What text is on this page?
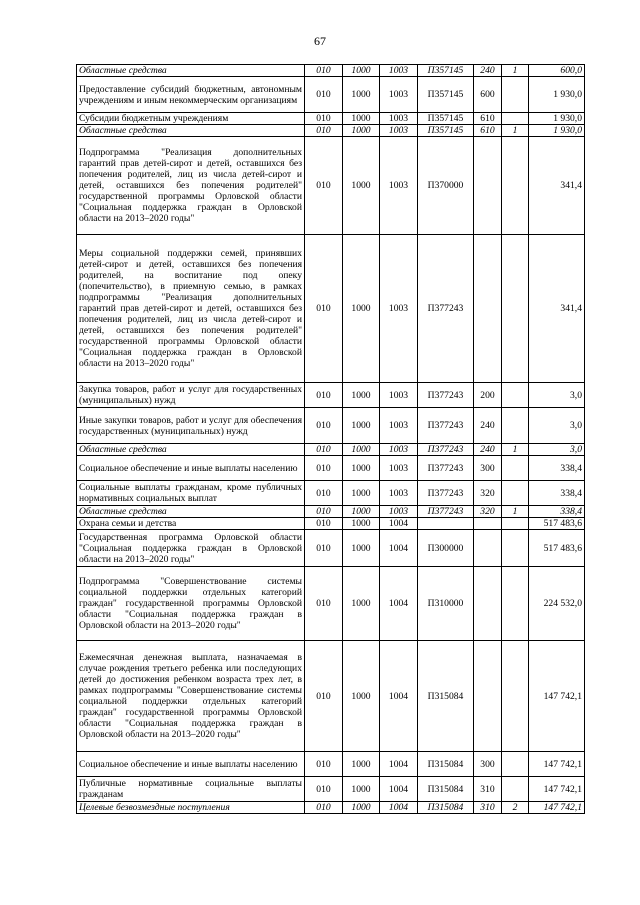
67
Областные средства	010	1000	1003	П357145	240	1	600,0
Предоставление субсидий бюджетным, автономным учреждениям и иным некоммерческим организациям	010	1000	1003	П357145	600		1 930,0
Субсидии бюджетным учреждениям	010	1000	1003	П357145	610		1 930,0
Областные средства	010	1000	1003	П357145	610	1	1 930,0
Подпрограмма "Реализация дополнительных гарантий прав детей-сирот и детей, оставшихся без попечения родителей, лиц из числа детей-сирот и детей, оставшихся без попечения родителей" государственной программы Орловской области "Социальная поддержка граждан в Орловской области на 2013–2020 годы"	010	1000	1003	П370000			341,4
Меры социальной поддержки семей, принявших детей-сирот и детей, оставшихся без попечения родителей, на воспитание под опеку (попечительство), в приемную семью, в рамках подпрограммы "Реализация дополнительных гарантий прав детей-сирот и детей, оставшихся без попечения родителей, лиц из числа детей-сирот и детей, оставшихся без попечения родителей" государственной программы Орловской области "Социальная поддержка граждан в Орловской области на 2013–2020 годы"	010	1000	1003	П377243			341,4
Закупка товаров, работ и услуг для государственных (муниципальных) нужд	010	1000	1003	П377243	200		3,0
Иные закупки товаров, работ и услуг для обеспечения государственных (муниципальных) нужд	010	1000	1003	П377243	240		3,0
Областные средства	010	1000	1003	П377243	240	1	3,0
Социальное обеспечение и иные выплаты населению	010	1000	1003	П377243	300		338,4
Социальные выплаты гражданам, кроме публичных нормативных социальных выплат	010	1000	1003	П377243	320		338,4
Областные средства	010	1000	1003	П377243	320	1	338,4
Охрана семьи и детства	010	1000	1004				517 483,6
Государственная программа Орловской области "Социальная поддержка граждан в Орловской области на 2013–2020 годы"	010	1000	1004	П300000			517 483,6
Подпрограмма "Совершенствование системы социальной поддержки отдельных категорий граждан" государственной программы Орловской области "Социальная поддержка граждан в Орловской области на 2013–2020 годы"	010	1000	1004	П310000			224 532,0
Ежемесячная денежная выплата, назначаемая в случае рождения третьего ребенка или последующих детей до достижения ребенком возраста трех лет, в рамках подпрограммы "Совершенствование системы социальной поддержки отдельных категорий граждан" государственной программы Орловской области "Социальная поддержка граждан в Орловской области на 2013–2020 годы"	010	1000	1004	П315084			147 742,1
Социальное обеспечение и иные выплаты населению	010	1000	1004	П315084	300		147 742,1
Публичные нормативные социальные выплаты гражданам	010	1000	1004	П315084	310		147 742,1
Целевые безвозмездные поступления	010	1000	1004	П315084	310	2	147 742,1
